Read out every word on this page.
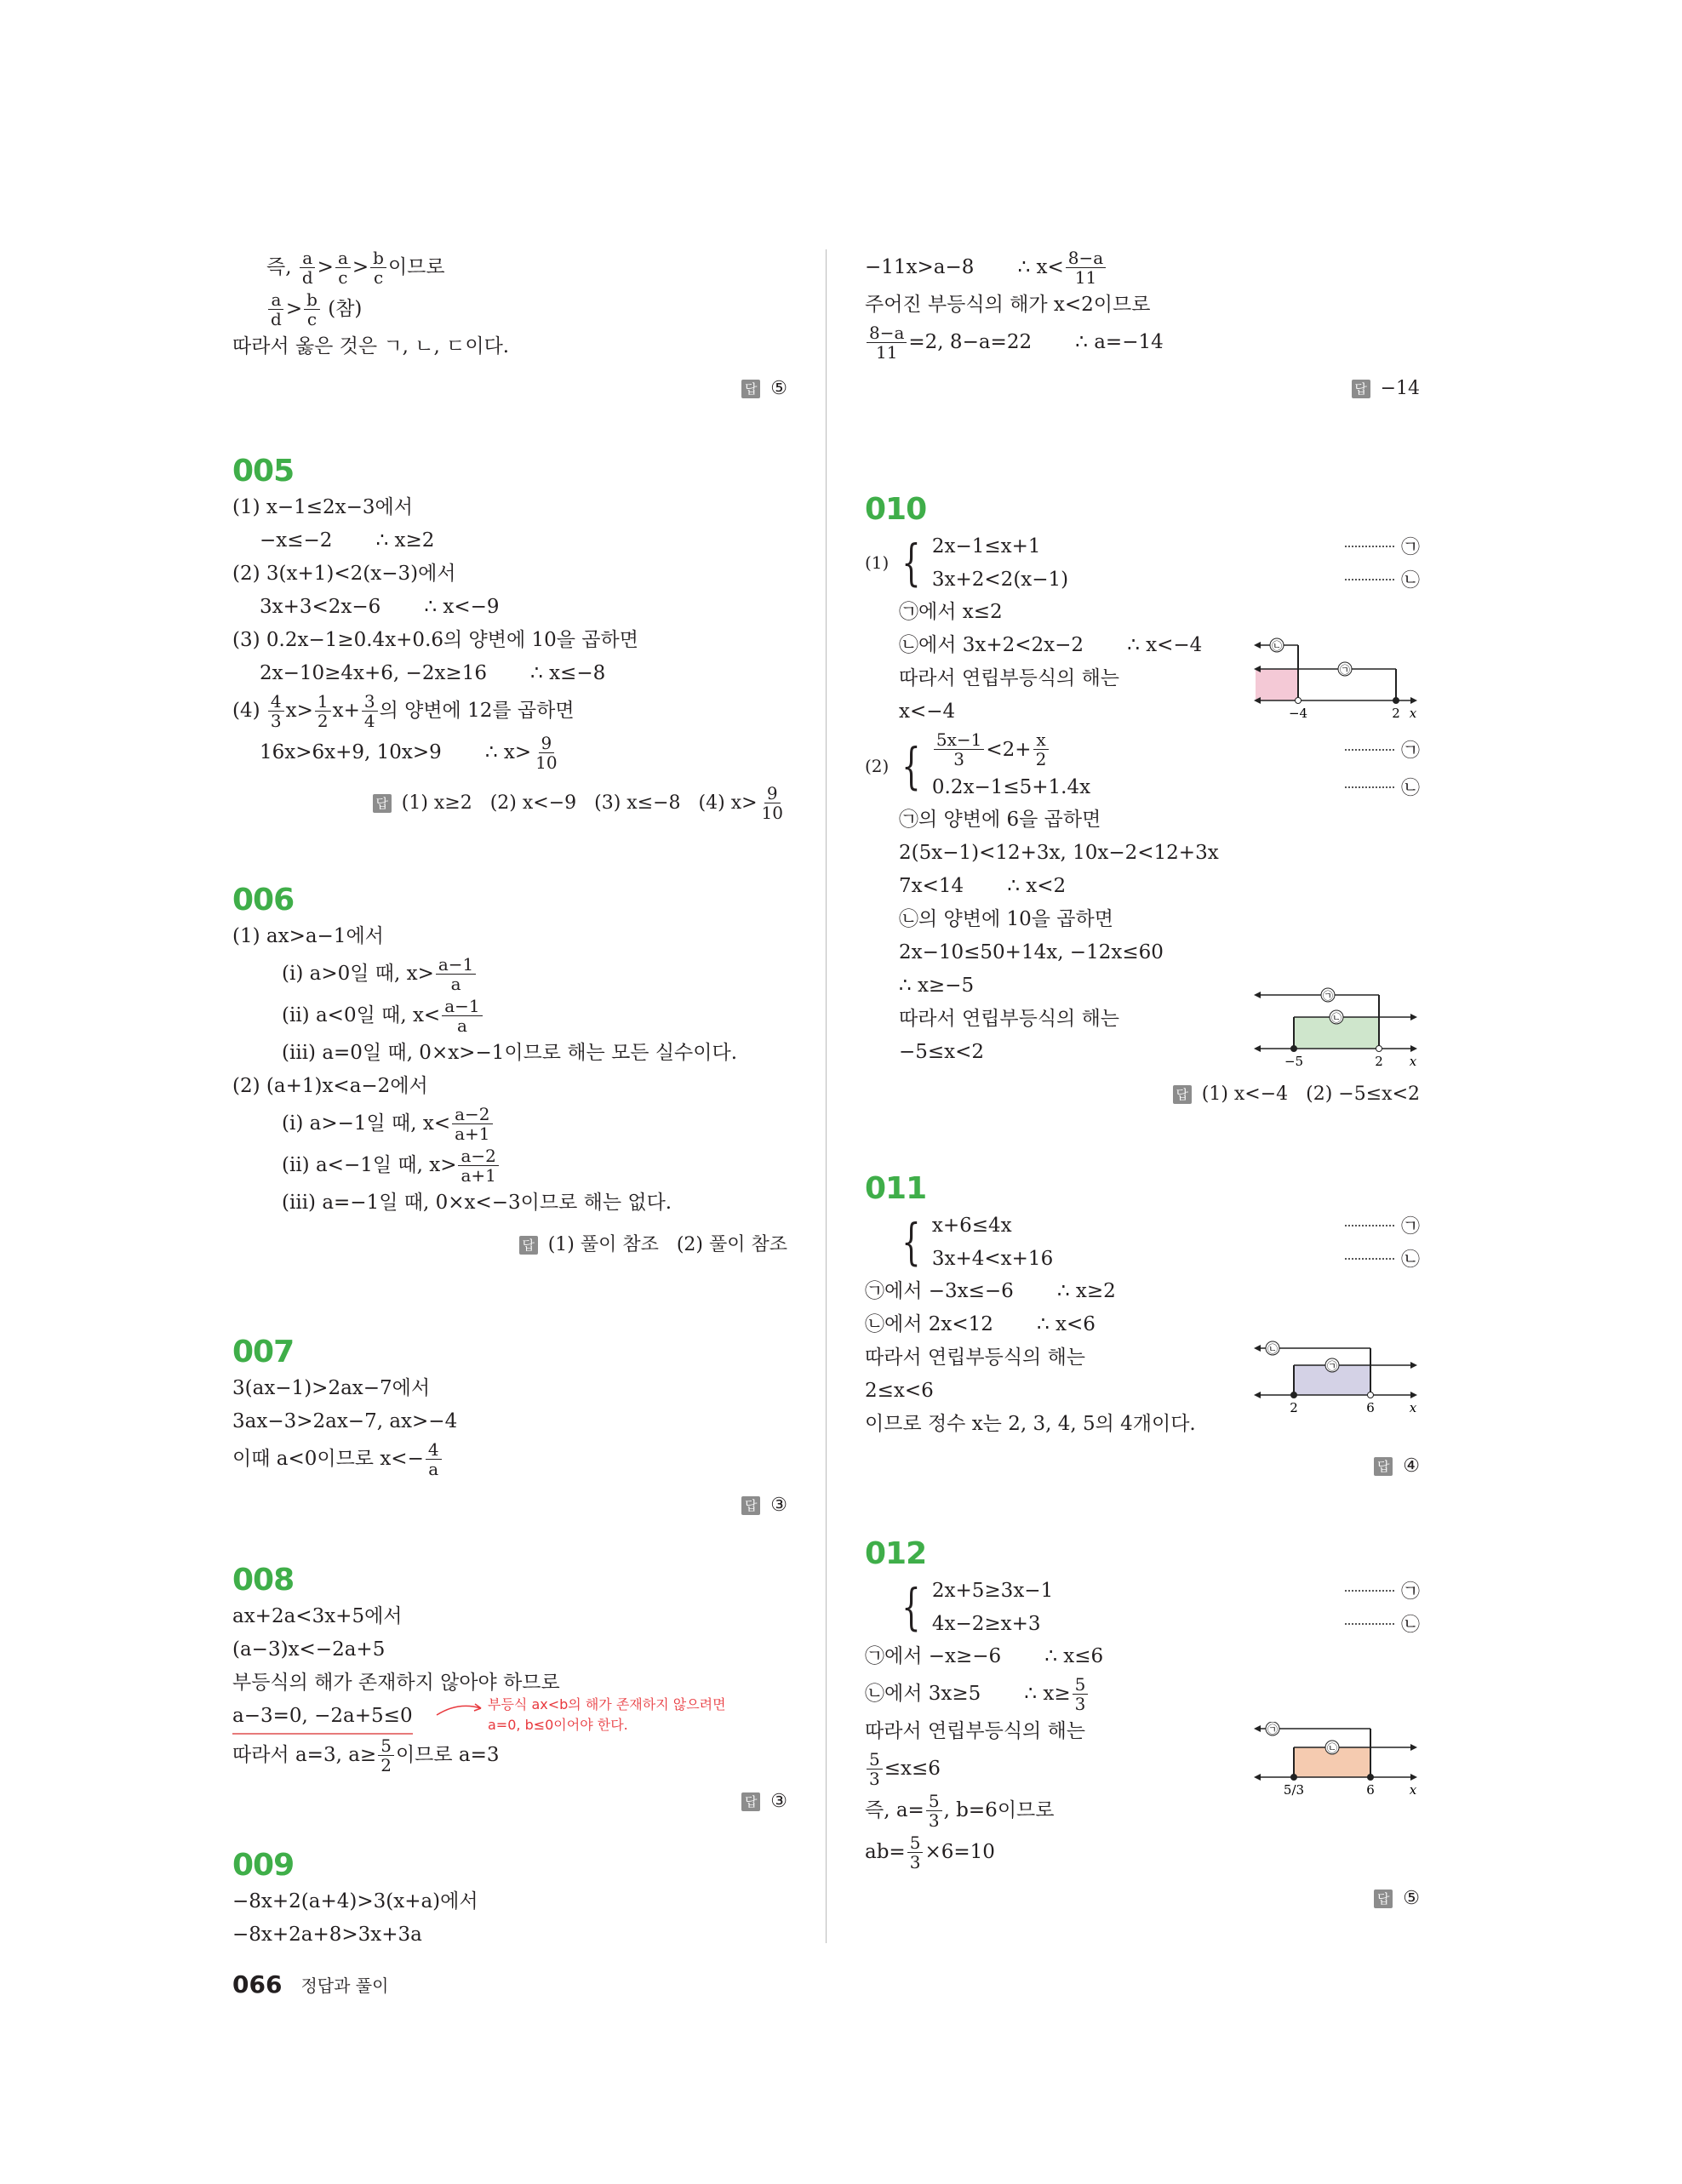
즉, $\frac{a}{d} > \frac{a}{c} > \frac{b}{c}$ 이므로
$\frac{a}{d} > \frac{b}{c}$ (참)
따라서 옳은 것은 ㄱ, ㄴ, ㄷ이다.
답 ⑤
005
(1) x−1≤2x−3에서
−x≤−2       ∴ x≥2
(2) 3(x+1)<2(x−3)에서
3x+3<2x−6       ∴ x<−9
(3) 0.2x−1≥0.4x+0.6의 양변에 10을 곱하면
2x−10≥4x+6, −2x≥16       ∴ x≤−8
$(4) \frac{4}{3} x> \frac{1}{2} x+ \frac{3}{4}$ 의 양변에 12를 곱하면
16x>6x+9, 10x>9       ∴ $x> \frac{9}{10}$
답 (1) x≥2   (2) x<−9   (3) x≤−8   (4) $x> \frac{9}{10}$
006
(1) ax>a−1에서
(ⅰ) a>0일 때, $x> \frac{a-1}{a}$
(ⅱ) a<0일 때, $x< \frac{a-1}{a}$
(ⅲ) a=0일 때, 0×x>−1이므로 해는 모든 실수이다.
(2) (a+1)x<a−2에서
(ⅰ) a>−1일 때, $x< \frac{a-2}{a+1}$
(ⅱ) a<−1일 때, $x> \frac{a-2}{a+1}$
(ⅲ) a=−1일 때, 0×x<−3이므로 해는 없다.
답 (1) 풀이 참조   (2) 풀이 참조
007
3(ax−1)>2ax−7에서
3ax−3>2ax−7, ax>−4
이때 a<0이므로 $x<- \frac{4}{a}$
답 ③
008
ax+2a<3x+5에서
(a−3)x<−2a+5
부등식의 해가 존재하지 않아야 하므로
a−3=0, −2a+5≤0
부등식 ax<b의 해가 존재하지 않으려면
a=0, b≤0이어야 한다.
따라서 a=3, $a\ge \frac{5}{2}$ 이므로 a=3
답 ③
009
−8x+2(a+4)>3(x+a)에서
−8x+2a+8>3x+3a
−11x>a−8       ∴ $x< \frac{8-a}{11}$
주어진 부등식의 해가 x<2이므로
$\frac{8-a}{11} =2$, 8−a=22       ∴ a=−14
답 −14
010
(1) { 2x−1≤x+1	㉠
3x+2<2(x−1)	㉡
㉠에서 x≤2
㉡에서 3x+2<2x−2       ∴ x<−4
따라서 연립부등식의 해는
x<−4
(2) { $\frac{5x-1}{3} <2+ \frac{x}{2}$	㉠
0.2x−1≤5+1.4x	㉡
㉠의 양변에 6을 곱하면
2(5x−1)<12+3x, 10x−2<12+3x
7x<14       ∴ x<2
㉡의 양변에 10을 곱하면
2x−10≤50+14x, −12x≤60
∴ x≥−5
따라서 연립부등식의 해는
−5≤x<2
답 (1) x<−4   (2) −5≤x<2
㉡
㉠
−4	2 x
㉠
㉡
−5	2 x
011
{ x+6≤4x	㉠
3x+4<x+16	㉡
㉠에서 −3x≤−6       ∴ x≥2
㉡에서 2x<12       ∴ x<6
따라서 연립부등식의 해는
2≤x<6
이므로 정수 x는 2, 3, 4, 5의 4개이다.
답 ④
㉡
㉠
2	6	x
012
{ 2x+5≥3x−1	㉠
4x−2≥x+3	㉡
㉠에서 −x≥−6       ∴ x≤6
㉡에서 3x≥5       ∴ $x\ge \frac{5}{3}$
따라서 연립부등식의 해는
$\frac{5}{3} \le x\le 6$
즉, $a= \frac{5}{3}$ , b=6이므로
$ab= \frac{5}{3} \times 6=10$
답 ⑤
㉠
㉡
5/3	6	x
066 정답과 풀이
